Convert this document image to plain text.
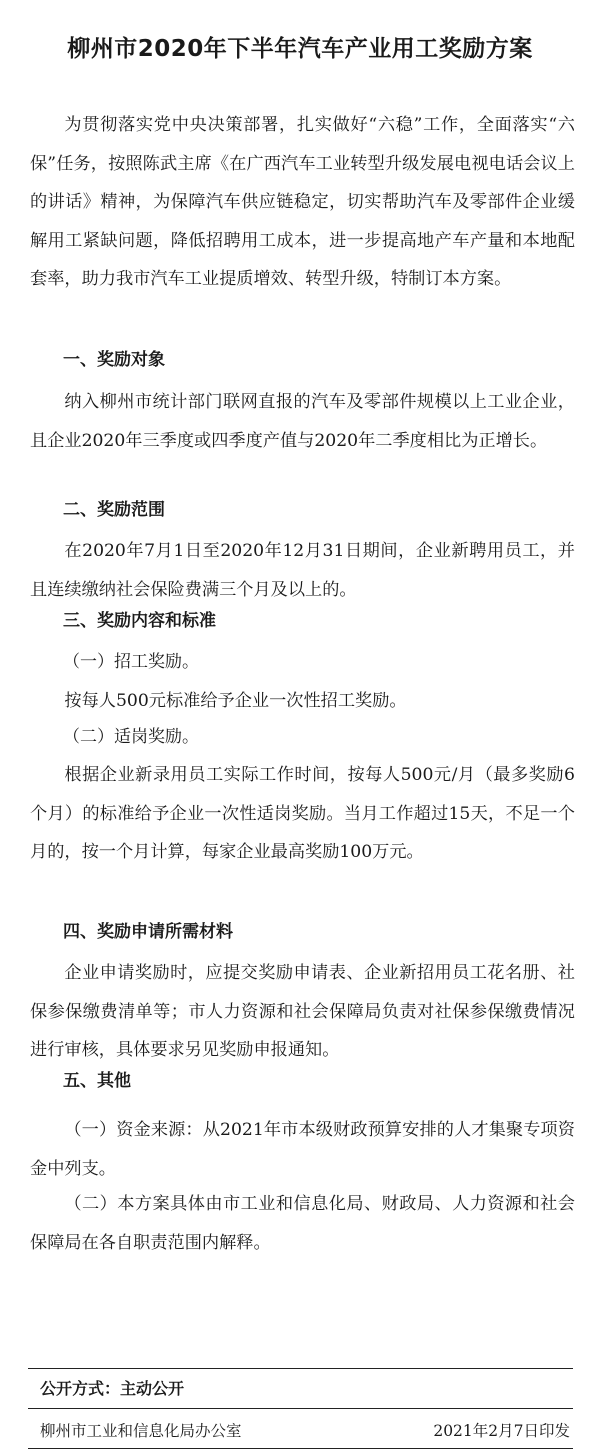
柳州市2020年下半年汽车产业用工奖励方案

为贯彻落实党中央决策部署，扎实做好“六稳”工作，全面落实“六保”任务，按照陈武主席《在广西汽车工业转型升级发展电视电话会议上的讲话》精神，为保障汽车供应链稳定，切实帮助汽车及零部件企业缓解用工紧缺问题，降低招聘用工成本，进一步提高地产车产量和本地配套率，助力我市汽车工业提质增效、转型升级，特制订本方案。

一、奖励对象

纳入柳州市统计部门联网直报的汽车及零部件规模以上工业企业，且企业2020年三季度或四季度产值与2020年二季度相比为正增长。

二、奖励范围

在2020年7月1日至2020年12月31日期间，企业新聘用员工，并且连续缴纳社会保险费满三个月及以上的。

三、奖励内容和标准
（一）招工奖励。

按每人500元标准给予企业一次性招工奖励。

（二）适岗奖励。

根据企业新录用员工实际工作时间，按每人500元/月（最多奖励6个月）的标准给予企业一次性适岗奖励。当月工作超过15天，不足一个月的，按一个月计算，每家企业最高奖励100万元。

四、奖励申请所需材料

企业申请奖励时，应提交奖励申请表、企业新招用员工花名册、社保参保缴费清单等；市人力资源和社会保障局负责对社保参保缴费情况进行审核，具体要求另见奖励申报通知。

五、其他

（一）资金来源：从2021年市本级财政预算安排的人才集聚专项资金中列支。

（二）本方案具体由市工业和信息化局、财政局、人力资源和社会保障局在各自职责范围内解释。

公开方式：主动公开
柳州市工业和信息化局办公室	2021年2月7日印发
